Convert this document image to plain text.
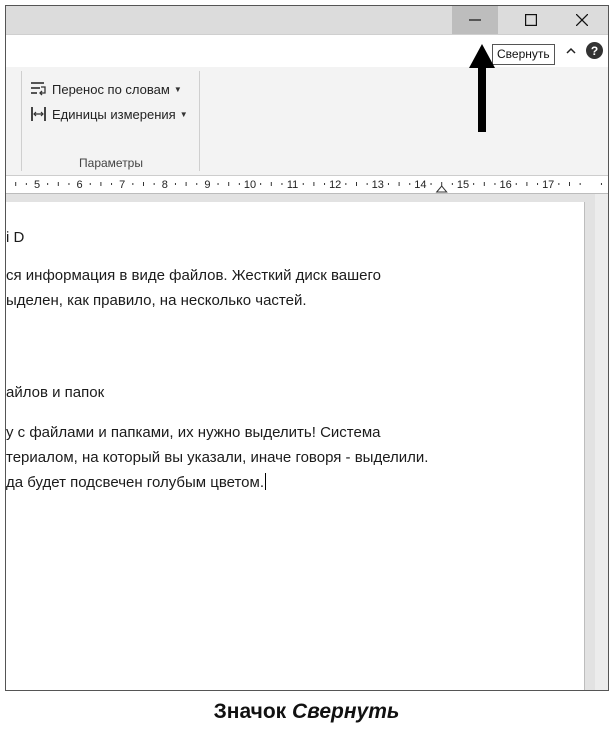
Свернуть	?
Перенос по словам ▼
Единицы измерения ▼
Параметры
5	6	7	8	9	10	11	12	13	14	15	16	17
і D
ся информация в виде файлов. Жесткий диск вашего
ыделен, как правило, на несколько частей.
айлов и папок
у с файлами и папками, их нужно выделить! Система
териалом, на который вы указали, иначе говоря - выделили.
да будет подсвечен голубым цветом.
Значок Свернуть
